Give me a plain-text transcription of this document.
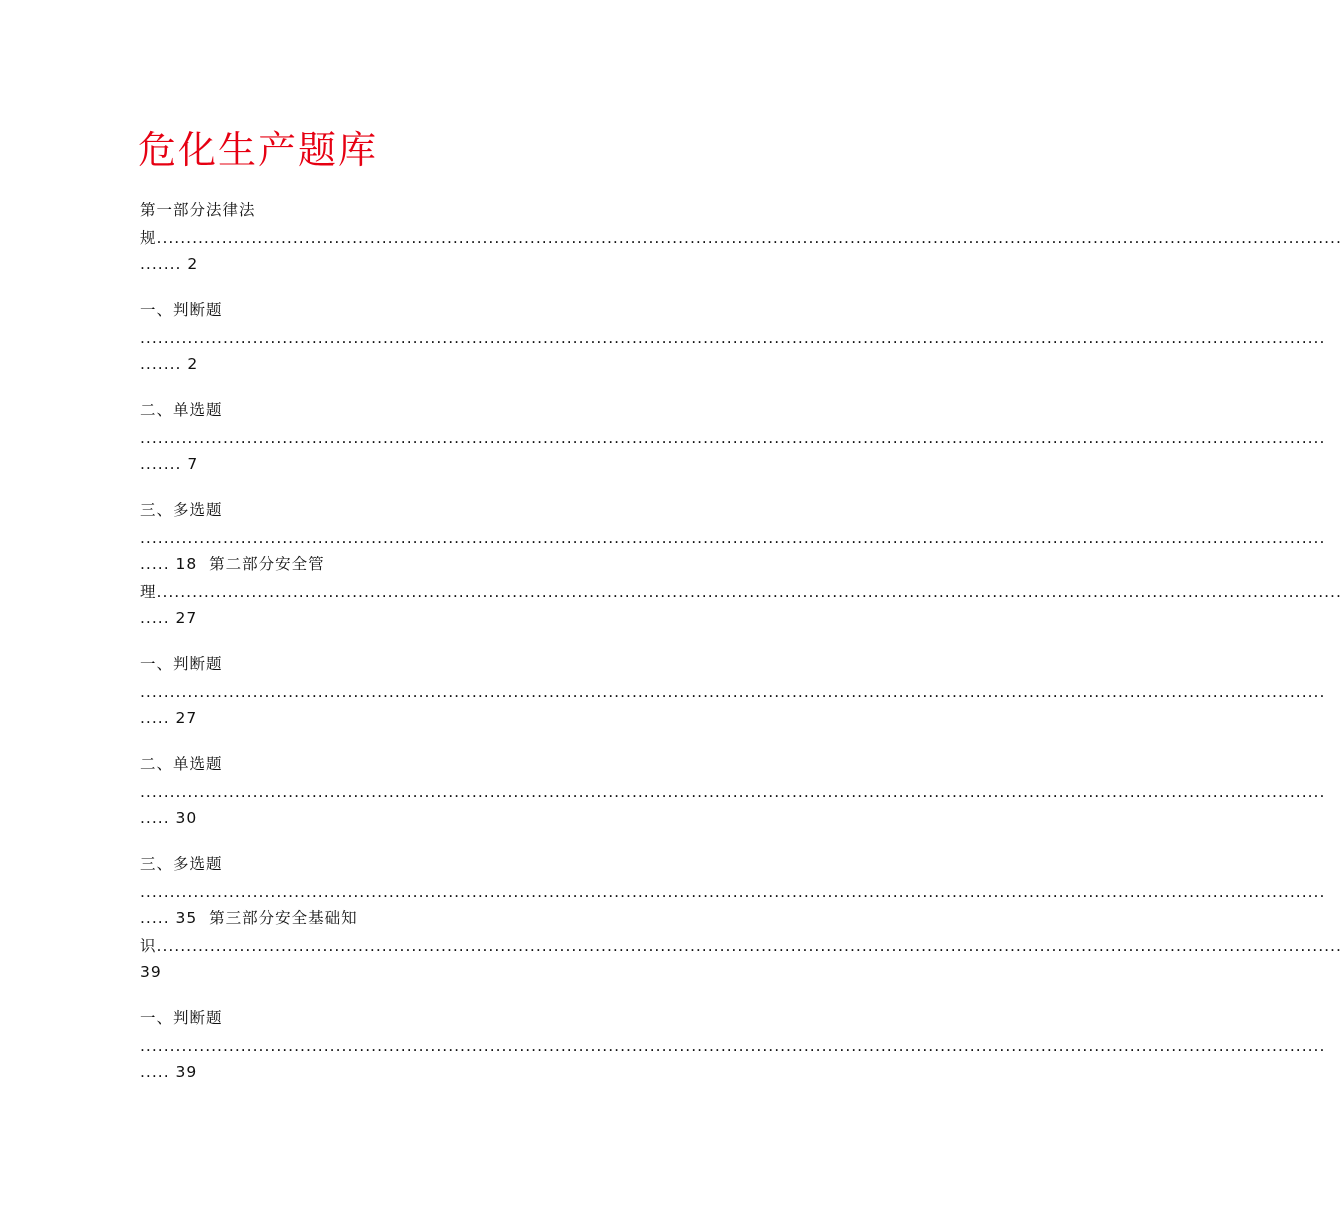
危化生产题库
第一部分法律法
规........................................................................................................................................................................................................
....... 2
一、判断题
........................................................................................................................................................................................................
....... 2
二、单选题
........................................................................................................................................................................................................
....... 7
三、多选题
........................................................................................................................................................................................................
..... 18  第二部分安全管
理........................................................................................................................................................................................................
..... 27
一、判断题
........................................................................................................................................................................................................
..... 27
二、单选题
........................................................................................................................................................................................................
..... 30
三、多选题
........................................................................................................................................................................................................
..... 35  第三部分安全基础知
识........................................................................................................................................................................................................
39
一、判断题
........................................................................................................................................................................................................
..... 39
